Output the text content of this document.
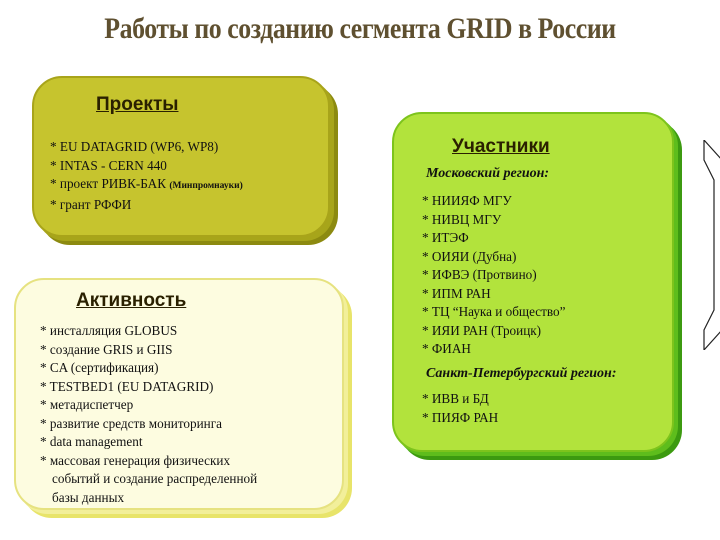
Работы по созданию сегмента GRID в России
Проекты
* EU DATAGRID (WP6, WP8)
* INTAS - CERN 440
* проект РИВК-БАК (Минпромнауки)
* грант РФФИ
Активность
* инсталляция GLOBUS
* создание GRIS и GIIS
* CA (сертификация)
* TESTBED1 (EU DATAGRID)
* метадиспетчер
* развитие средств мониторинга
* data management
* массовая генерация физических
событий и создание распределенной
базы данных
Участники
Московский регион:
* НИИЯФ МГУ
* НИВЦ МГУ
* ИТЭФ
* ОИЯИ (Дубна)
* ИФВЭ (Протвино)
* ИПМ РАН
* ТЦ “Наука и общество”
* ИЯИ РАН (Троицк)
* ФИАН
Санкт-Петербургский регион:
* ИВВ и БД
* ПИЯФ РАН
